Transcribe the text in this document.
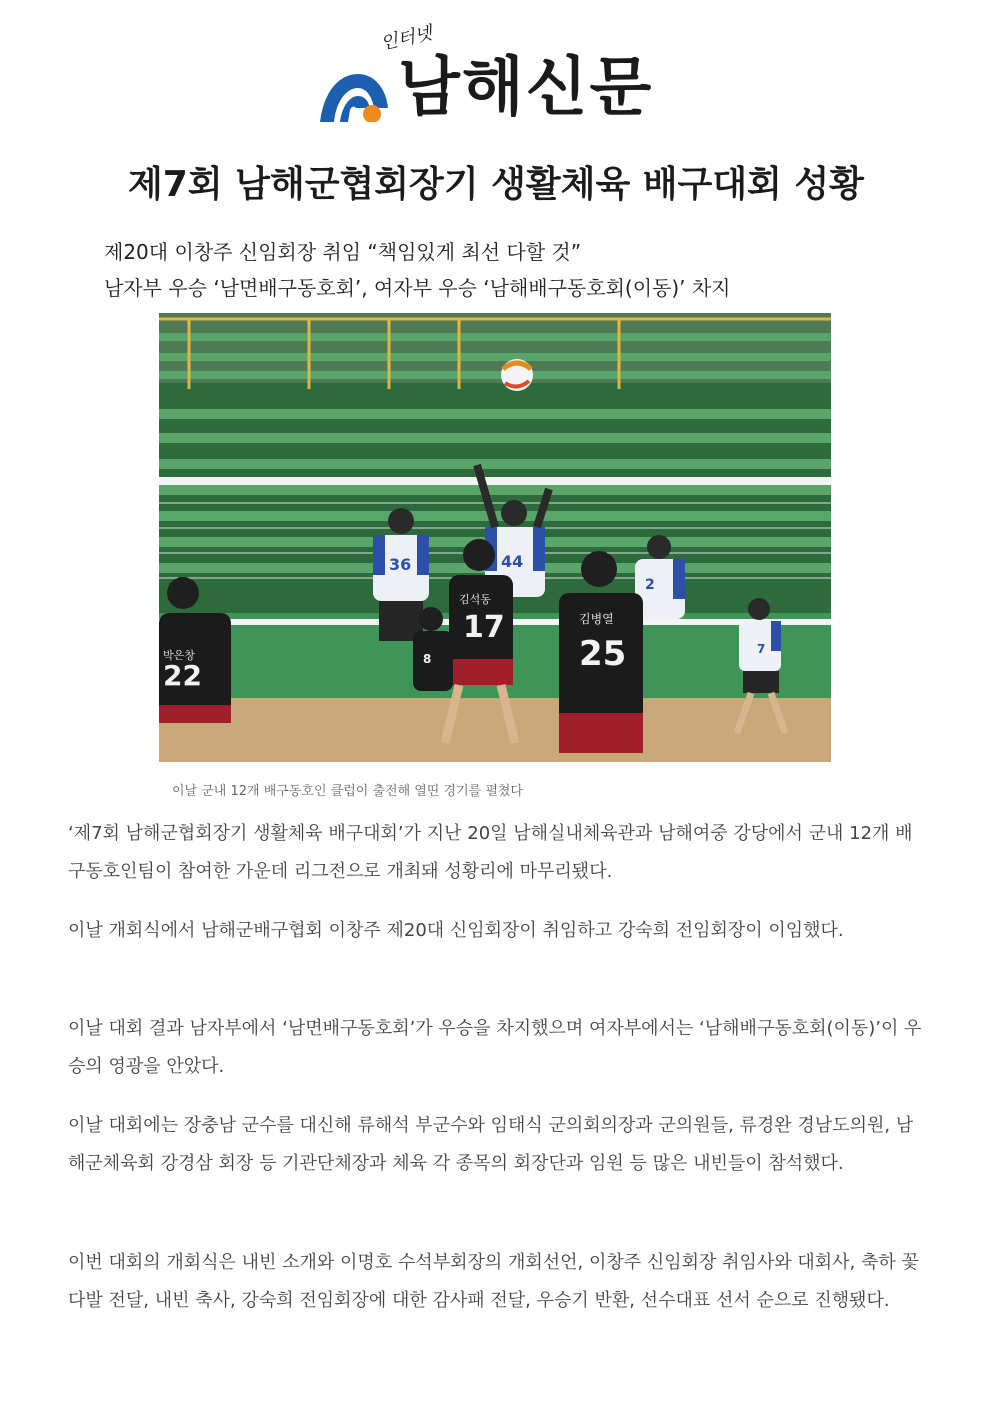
인터넷
남해신문
제7회 남해군협회장기 생활체육 배구대회 성황
제20대 이창주 신임회장 취임 “책임있게 최선 다할 것”
남자부 우승 ‘남면배구동호회’, 여자부 우승 ‘남해배구동호회(이동)’ 차지
36	44
2
7
박은창
22
김석동
17	김병열
25
8
이날 군내 12개 배구동호인 클럽이 출전해 열띤 경기를 펼쳤다

‘제7회 남해군협회장기 생활체육 배구대회’가 지난 20일 남해실내체육관과 남해여중 강당에서 군내 12개 배구동호인팀이 참여한 가운데 리그전으로 개최돼 성황리에 마무리됐다.

이날 개회식에서 남해군배구협회 이창주 제20대 신임회장이 취임하고 강숙희 전임회장이 이임했다.

이날 대회 결과 남자부에서 ‘남면배구동호회’가 우승을 차지했으며 여자부에서는 ‘남해배구동호회(이동)’이 우승의 영광을 안았다.

이날 대회에는 장충남 군수를 대신해 류해석 부군수와 임태식 군의회의장과 군의원들, 류경완 경남도의원, 남해군체육회 강경삼 회장 등 기관단체장과 체육 각 종목의 회장단과 임원 등 많은 내빈들이 참석했다.

이번 대회의 개회식은 내빈 소개와 이명호 수석부회장의 개회선언, 이창주 신임회장 취임사와 대회사, 축하 꽃다발 전달, 내빈 축사, 강숙희 전임회장에 대한 감사패 전달, 우승기 반환, 선수대표 선서 순으로 진행됐다.
